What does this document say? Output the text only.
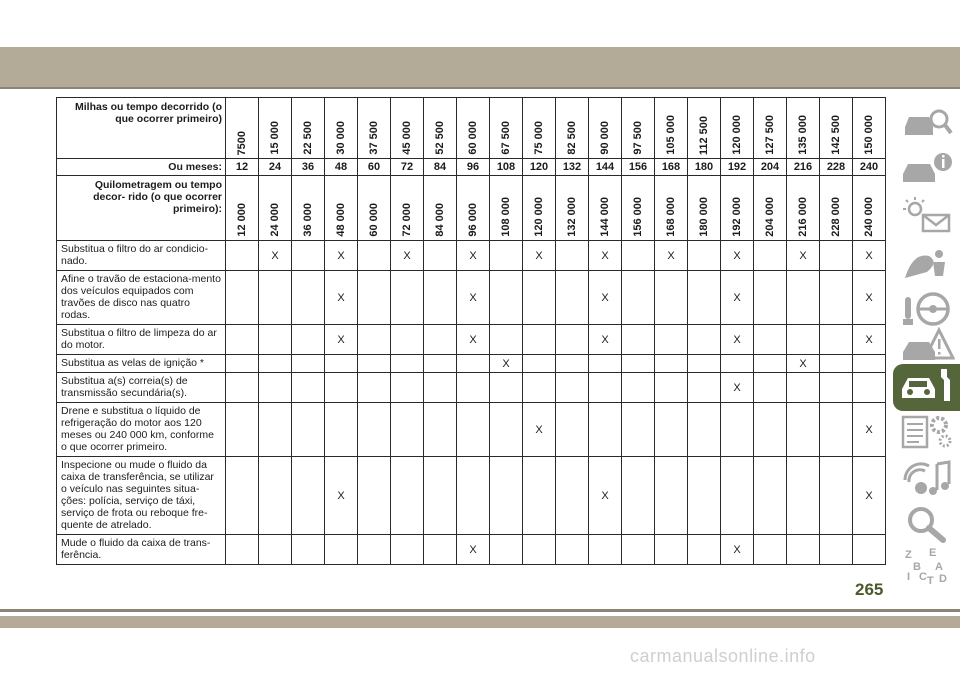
Milhas ou tempo decorrido (o que ocorrer primeiro)	7500	15 000	22 500	30 000	37 500	45 000	52 500	60 000	67 500	75 000	82 500	90 000	97 500	105 000	112 500	120 000	127 500	135 000	142 500	150 000

Ou meses:	12	24	36	48	60	72	84	96	108	120	132	144	156	168	180	192	204	216	228	240
Quilometragem ou tempo decor- rido (o que ocorrer primeiro):	12 000	24 000	36 000	48 000	60 000	72 000	84 000	96 000	108 000	120 000	132 000	144 000	156 000	168 000	180 000	192 000	204 000	216 000	228 000	240 000

Substitua o filtro do ar condicio-nado.		X		X		X		X		X		X		X		X		X		X
Afine o travão de estaciona-mento dos veículos equipados com travões de disco nas quatro rodas.				X				X				X				X				X
Substitua o filtro de limpeza do ar do motor.				X				X				X				X				X
Substitua as velas de ignição *									X									X		
Substitua a(s) correia(s) de transmissão secundária(s).																X				
Drene e substitua o líquido de refrigeração do motor aos 120 meses ou 240 000 km, conforme o que ocorrer primeiro.										X										X
Inspecione ou mude o fluido da caixa de transferência, se utilizar o veículo nas seguintes situa-ções: polícia, serviço de táxi, serviço de frota ou reboque fre-quente de atrelado.				X								X								X
Mude o fluido da caixa de trans-ferência.								X								X					Z E
B A
I C D
T
265
carmanualsonline.info
